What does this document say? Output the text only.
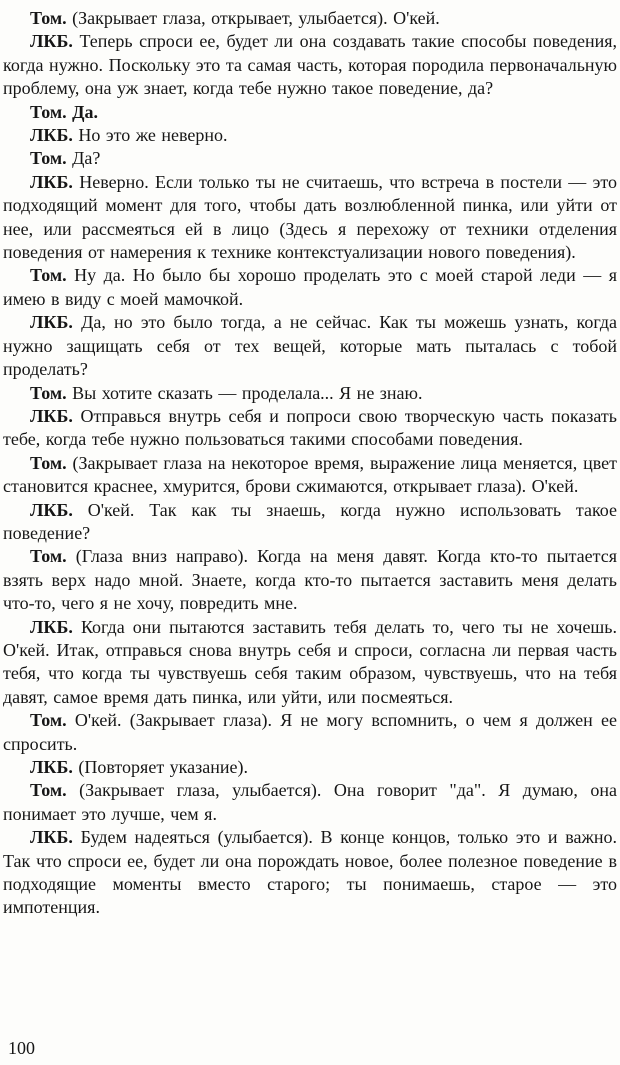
Том. (Закрывает глаза, открывает, улыбается). О'кей.

ЛКБ. Теперь спроси ее, будет ли она создавать такие способы поведения, когда нужно. Поскольку это та самая часть, которая породила первоначальную проблему, она уж знает, когда тебе нужно такое поведение, да?

Том. Да.

ЛКБ. Но это же неверно.

Том. Да?

ЛКБ. Неверно. Если только ты не считаешь, что встреча в постели — это подходящий момент для того, чтобы дать возлюбленной пинка, или уйти от нее, или рассмеяться ей в лицо (Здесь я перехожу от техники отделения поведения от намерения к технике контекстуализации нового поведения).

Том. Ну да. Но было бы хорошо проделать это с моей старой леди — я имею в виду с моей мамочкой.

ЛКБ. Да, но это было тогда, а не сейчас. Как ты можешь узнать, когда нужно защищать себя от тех вещей, которые мать пыталась с тобой проделать?

Том. Вы хотите сказать — проделала... Я не знаю.

ЛКБ. Отправься внутрь себя и попроси свою творческую часть показать тебе, когда тебе нужно пользоваться такими способами поведения.

Том. (Закрывает глаза на некоторое время, выражение лица меняется, цвет становится краснее, хмурится, брови сжимаются, открывает глаза). О'кей.

ЛКБ. О'кей. Так как ты знаешь, когда нужно использовать такое поведение?

Том. (Глаза вниз направо). Когда на меня давят. Когда кто-то пытается взять верх надо мной. Знаете, когда кто-то пытается заставить меня делать что-то, чего я не хочу, повредить мне.

ЛКБ. Когда они пытаются заставить тебя делать то, чего ты не хочешь. О'кей. Итак, отправься снова внутрь себя и спроси, согласна ли первая часть тебя, что когда ты чувствуешь себя таким образом, чувствуешь, что на тебя давят, самое время дать пинка, или уйти, или посмеяться.

Том. О'кей. (Закрывает глаза). Я не могу вспомнить, о чем я должен ее спросить.

ЛКБ. (Повторяет указание).

Том. (Закрывает глаза, улыбается). Она говорит "да". Я думаю, она понимает это лучше, чем я.

ЛКБ. Будем надеяться (улыбается). В конце концов, только это и важно. Так что спроси ее, будет ли она порождать новое, более полезное поведение в подходящие моменты вместо старого; ты понимаешь, старое — это импотенция.

100
